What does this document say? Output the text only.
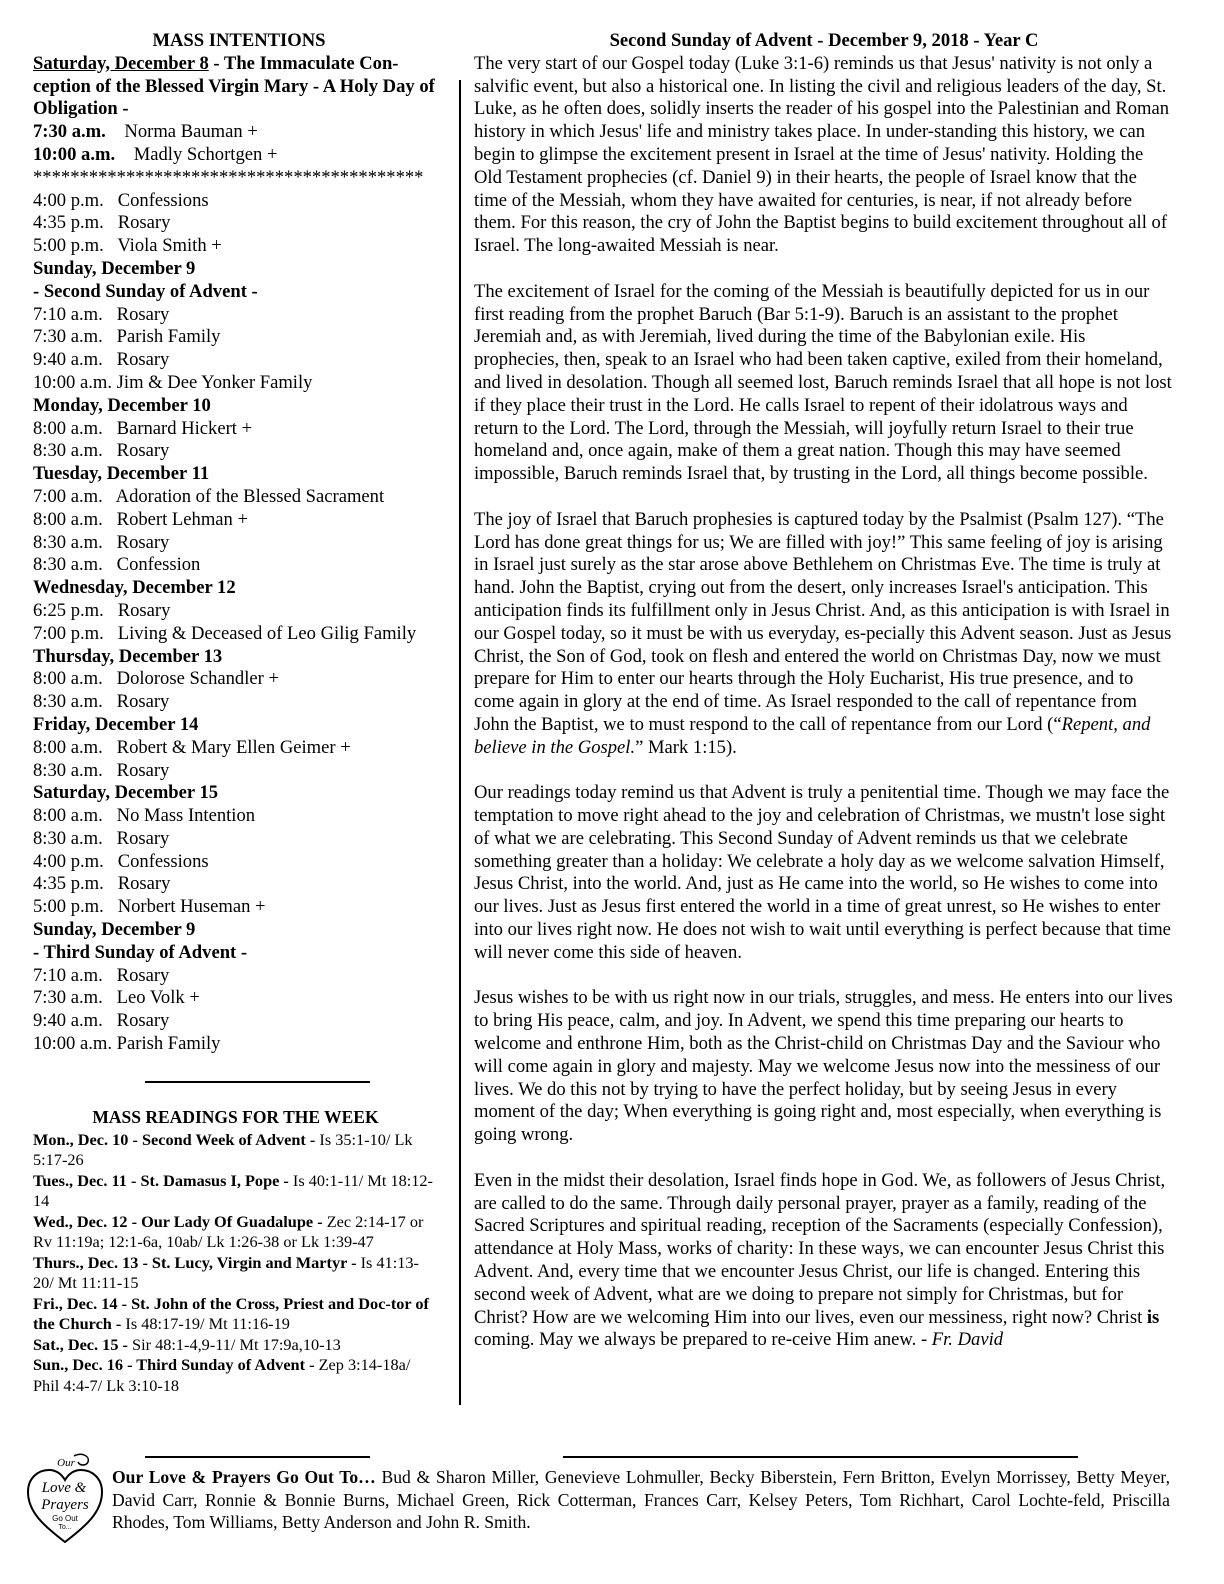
MASS INTENTIONS
Saturday, December 8 - The Immaculate Con-ception of the Blessed Virgin Mary - A Holy Day of Obligation -
7:30 a.m.    Norma Bauman +
10:00 a.m.    Madly Schortgen +
******************************************
4:00 p.m.   Confessions
4:35 p.m.   Rosary
5:00 p.m.   Viola Smith +
Sunday, December 9
- Second Sunday of Advent -
7:10 a.m.   Rosary
7:30 a.m.   Parish Family
9:40 a.m.   Rosary
10:00 a.m. Jim & Dee Yonker Family
Monday, December 10
8:00 a.m.   Barnard Hickert +
8:30 a.m.   Rosary
Tuesday, December 11
7:00 a.m.   Adoration of the Blessed Sacrament
8:00 a.m.   Robert Lehman +
8:30 a.m.   Rosary
8:30 a.m.   Confession
Wednesday, December 12
6:25 p.m.   Rosary
7:00 p.m.   Living & Deceased of Leo Gilig Family
Thursday, December 13
8:00 a.m.   Dolorose Schandler +
8:30 a.m.   Rosary
Friday, December 14
8:00 a.m.   Robert & Mary Ellen Geimer +
8:30 a.m.   Rosary
Saturday, December 15
8:00 a.m.   No Mass Intention
8:30 a.m.   Rosary
4:00 p.m.   Confessions
4:35 p.m.   Rosary
5:00 p.m.   Norbert Huseman +
Sunday, December 9
- Third Sunday of Advent -
7:10 a.m.   Rosary
7:30 a.m.   Leo Volk +
9:40 a.m.   Rosary
10:00 a.m. Parish Family
MASS READINGS FOR THE WEEK
Mon., Dec. 10 - Second Week of Advent - Is 35:1-10/ Lk 5:17-26
Tues., Dec. 11 - St. Damasus I, Pope - Is 40:1-11/ Mt 18:12-14
Wed., Dec. 12 - Our Lady Of Guadalupe - Zec 2:14-17 or Rv 11:19a; 12:1-6a, 10ab/ Lk 1:26-38 or Lk 1:39-47
Thurs., Dec. 13 - St. Lucy, Virgin and Martyr - Is 41:13-20/ Mt 11:11-15
Fri., Dec. 14 - St. John of the Cross, Priest and Doc-tor of the Church - Is 48:17-19/ Mt 11:16-19
Sat., Dec. 15 - Sir 48:1-4,9-11/ Mt 17:9a,10-13
Sun., Dec. 16 - Third Sunday of Advent - Zep 3:14-18a/ Phil 4:4-7/ Lk 3:10-18
Second Sunday of Advent - December 9, 2018 - Year C

The very start of our Gospel today (Luke 3:1-6) reminds us that Jesus' nativity is not only a salvific event, but also a historical one. In listing the civil and religious leaders of the day, St. Luke, as he often does, solidly inserts the reader of his gospel into the Palestinian and Roman history in which Jesus' life and ministry takes place. In under-standing this history, we can begin to glimpse the excitement present in Israel at the time of Jesus' nativity. Holding the Old Testament prophecies (cf. Daniel 9) in their hearts, the people of Israel know that the time of the Messiah, whom they have awaited for centuries, is near, if not already before them. For this reason, the cry of John the Baptist begins to build excitement throughout all of Israel. The long-awaited Messiah is near.

The excitement of Israel for the coming of the Messiah is beautifully depicted for us in our first reading from the prophet Baruch (Bar 5:1-9). Baruch is an assistant to the prophet Jeremiah and, as with Jeremiah, lived during the time of the Babylonian exile. His prophecies, then, speak to an Israel who had been taken captive, exiled from their homeland, and lived in desolation. Though all seemed lost, Baruch reminds Israel that all hope is not lost if they place their trust in the Lord. He calls Israel to repent of their idolatrous ways and return to the Lord. The Lord, through the Messiah, will joyfully return Israel to their true homeland and, once again, make of them a great nation. Though this may have seemed impossible, Baruch reminds Israel that, by trusting in the Lord, all things become possible.

The joy of Israel that Baruch prophesies is captured today by the Psalmist (Psalm 127). “The Lord has done great things for us; We are filled with joy!” This same feeling of joy is arising in Israel just surely as the star arose above Bethlehem on Christmas Eve. The time is truly at hand. John the Baptist, crying out from the desert, only increases Israel's anticipation. This anticipation finds its fulfillment only in Jesus Christ. And, as this anticipation is with Israel in our Gospel today, so it must be with us everyday, es-pecially this Advent season. Just as Jesus Christ, the Son of God, took on flesh and entered the world on Christmas Day, now we must prepare for Him to enter our hearts through the Holy Eucharist, His true presence, and to come again in glory at the end of time. As Israel responded to the call of repentance from John the Baptist, we to must respond to the call of repentance from our Lord (“Repent, and believe in the Gospel.” Mark 1:15).

Our readings today remind us that Advent is truly a penitential time. Though we may face the temptation to move right ahead to the joy and celebration of Christmas, we mustn't lose sight of what we are celebrating. This Second Sunday of Advent reminds us that we celebrate something greater than a holiday: We celebrate a holy day as we welcome salvation Himself, Jesus Christ, into the world. And, just as He came into the world, so He wishes to come into our lives. Just as Jesus first entered the world in a time of great unrest, so He wishes to enter into our lives right now. He does not wish to wait until everything is perfect because that time will never come this side of heaven.

Jesus wishes to be with us right now in our trials, struggles, and mess. He enters into our lives to bring His peace, calm, and joy. In Advent, we spend this time preparing our hearts to welcome and enthrone Him, both as the Christ-child on Christmas Day and the Saviour who will come again in glory and majesty. May we welcome Jesus now into the messiness of our lives. We do this not by trying to have the perfect holiday, but by seeing Jesus in every moment of the day; When everything is going right and, most especially, when everything is going wrong.

Even in the midst their desolation, Israel finds hope in God. We, as followers of Jesus Christ, are called to do the same. Through daily personal prayer, prayer as a family, reading of the Sacred Scriptures and spiritual reading, reception of the Sacraments (especially Confession), attendance at Holy Mass, works of charity: In these ways, we can encounter Jesus Christ this Advent. And, every time that we encounter Jesus Christ, our life is changed. Entering this second week of Advent, what are we doing to prepare not simply for Christmas, but for Christ? How are we welcoming Him into our lives, even our messiness, right now? Christ is coming. May we always be prepared to re-ceive Him anew. - Fr. David

Our
Love &
Prayers
Go Out
To...
Our Love & Prayers Go Out To… Bud & Sharon Miller, Genevieve Lohmuller, Becky Biberstein, Fern Britton, Evelyn Morrissey, Betty Meyer, David Carr, Ronnie & Bonnie Burns, Michael Green, Rick Cotterman, Frances Carr, Kelsey Peters, Tom Richhart, Carol Lochte-feld, Priscilla Rhodes, Tom Williams, Betty Anderson and John R. Smith.
